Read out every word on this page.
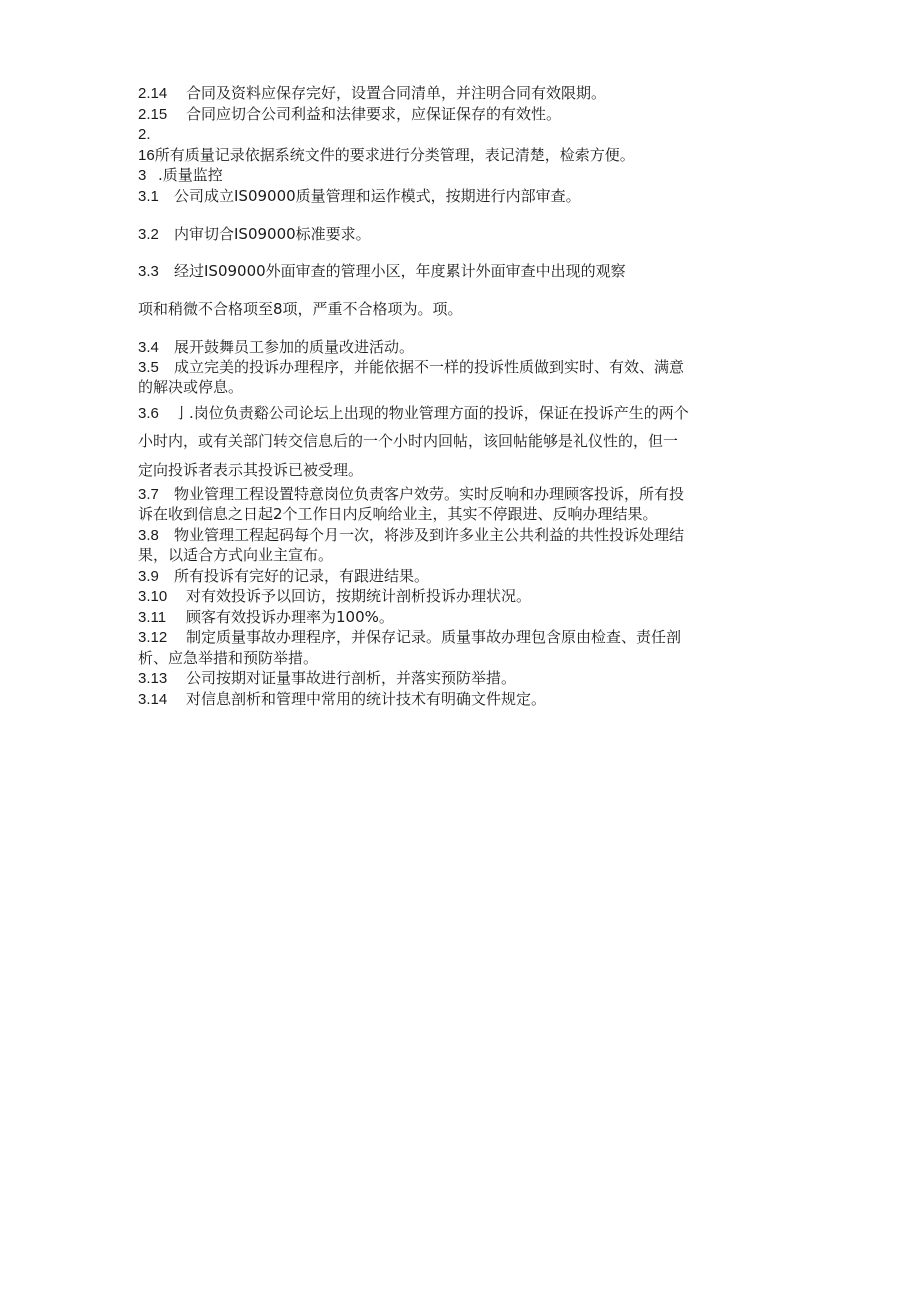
2.14 合同及资料应保存完好，设置合同清单，并注明合同有效限期。
2.15 合同应切合公司利益和法律要求，应保证保存的有效性。
2.
16所有质量记录依据系统文件的要求进行分类管理，表记清楚，检索方便。
3 .质量监控
3.1 公司成立IS09000质量管理和运作模式，按期进行内部审查。
3.2 内审切合IS09000标准要求。
3.3 经过IS09000外面审查的管理小区，年度累计外面审查中出现的观察
项和稍微不合格项至8项，严重不合格项为。项。
3.4 展开鼓舞员工参加的质量改进活动。
3.5 成立完美的投诉办理程序，并能依据不一样的投诉性质做到实时、有效、满意
的解决或停息。
3.6 亅.岗位负责谿公司论坛上出现的物业管理方面的投诉，保证在投诉产生的两个
小时内，或有关部门转交信息后的一个小时内回帖，该回帖能够是礼仪性的，但一
定向投诉者表示其投诉已被受理。
3.7 物业管理工程设置特意岗位负责客户效劳。实时反响和办理顾客投诉，所有投
诉在收到信息之日起2个工作日内反响给业主，其实不停跟进、反响办理结果。
3.8 物业管理工程起码每个月一次，将涉及到许多业主公共利益的共性投诉处理结
果，以适合方式向业主宣布。
3.9 所有投诉有完好的记录，有跟进结果。
3.10 对有效投诉予以回访，按期统计剖析投诉办理状况。
3.11 顾客有效投诉办理率为100%。
3.12 制定质量事故办理程序，并保存记录。质量事故办理包含原由检查、责任剖
析、应急举措和预防举措。
3.13 公司按期对证量事故进行剖析，并落实预防举措。
3.14 对信息剖析和管理中常用的统计技术有明确文件规定。
